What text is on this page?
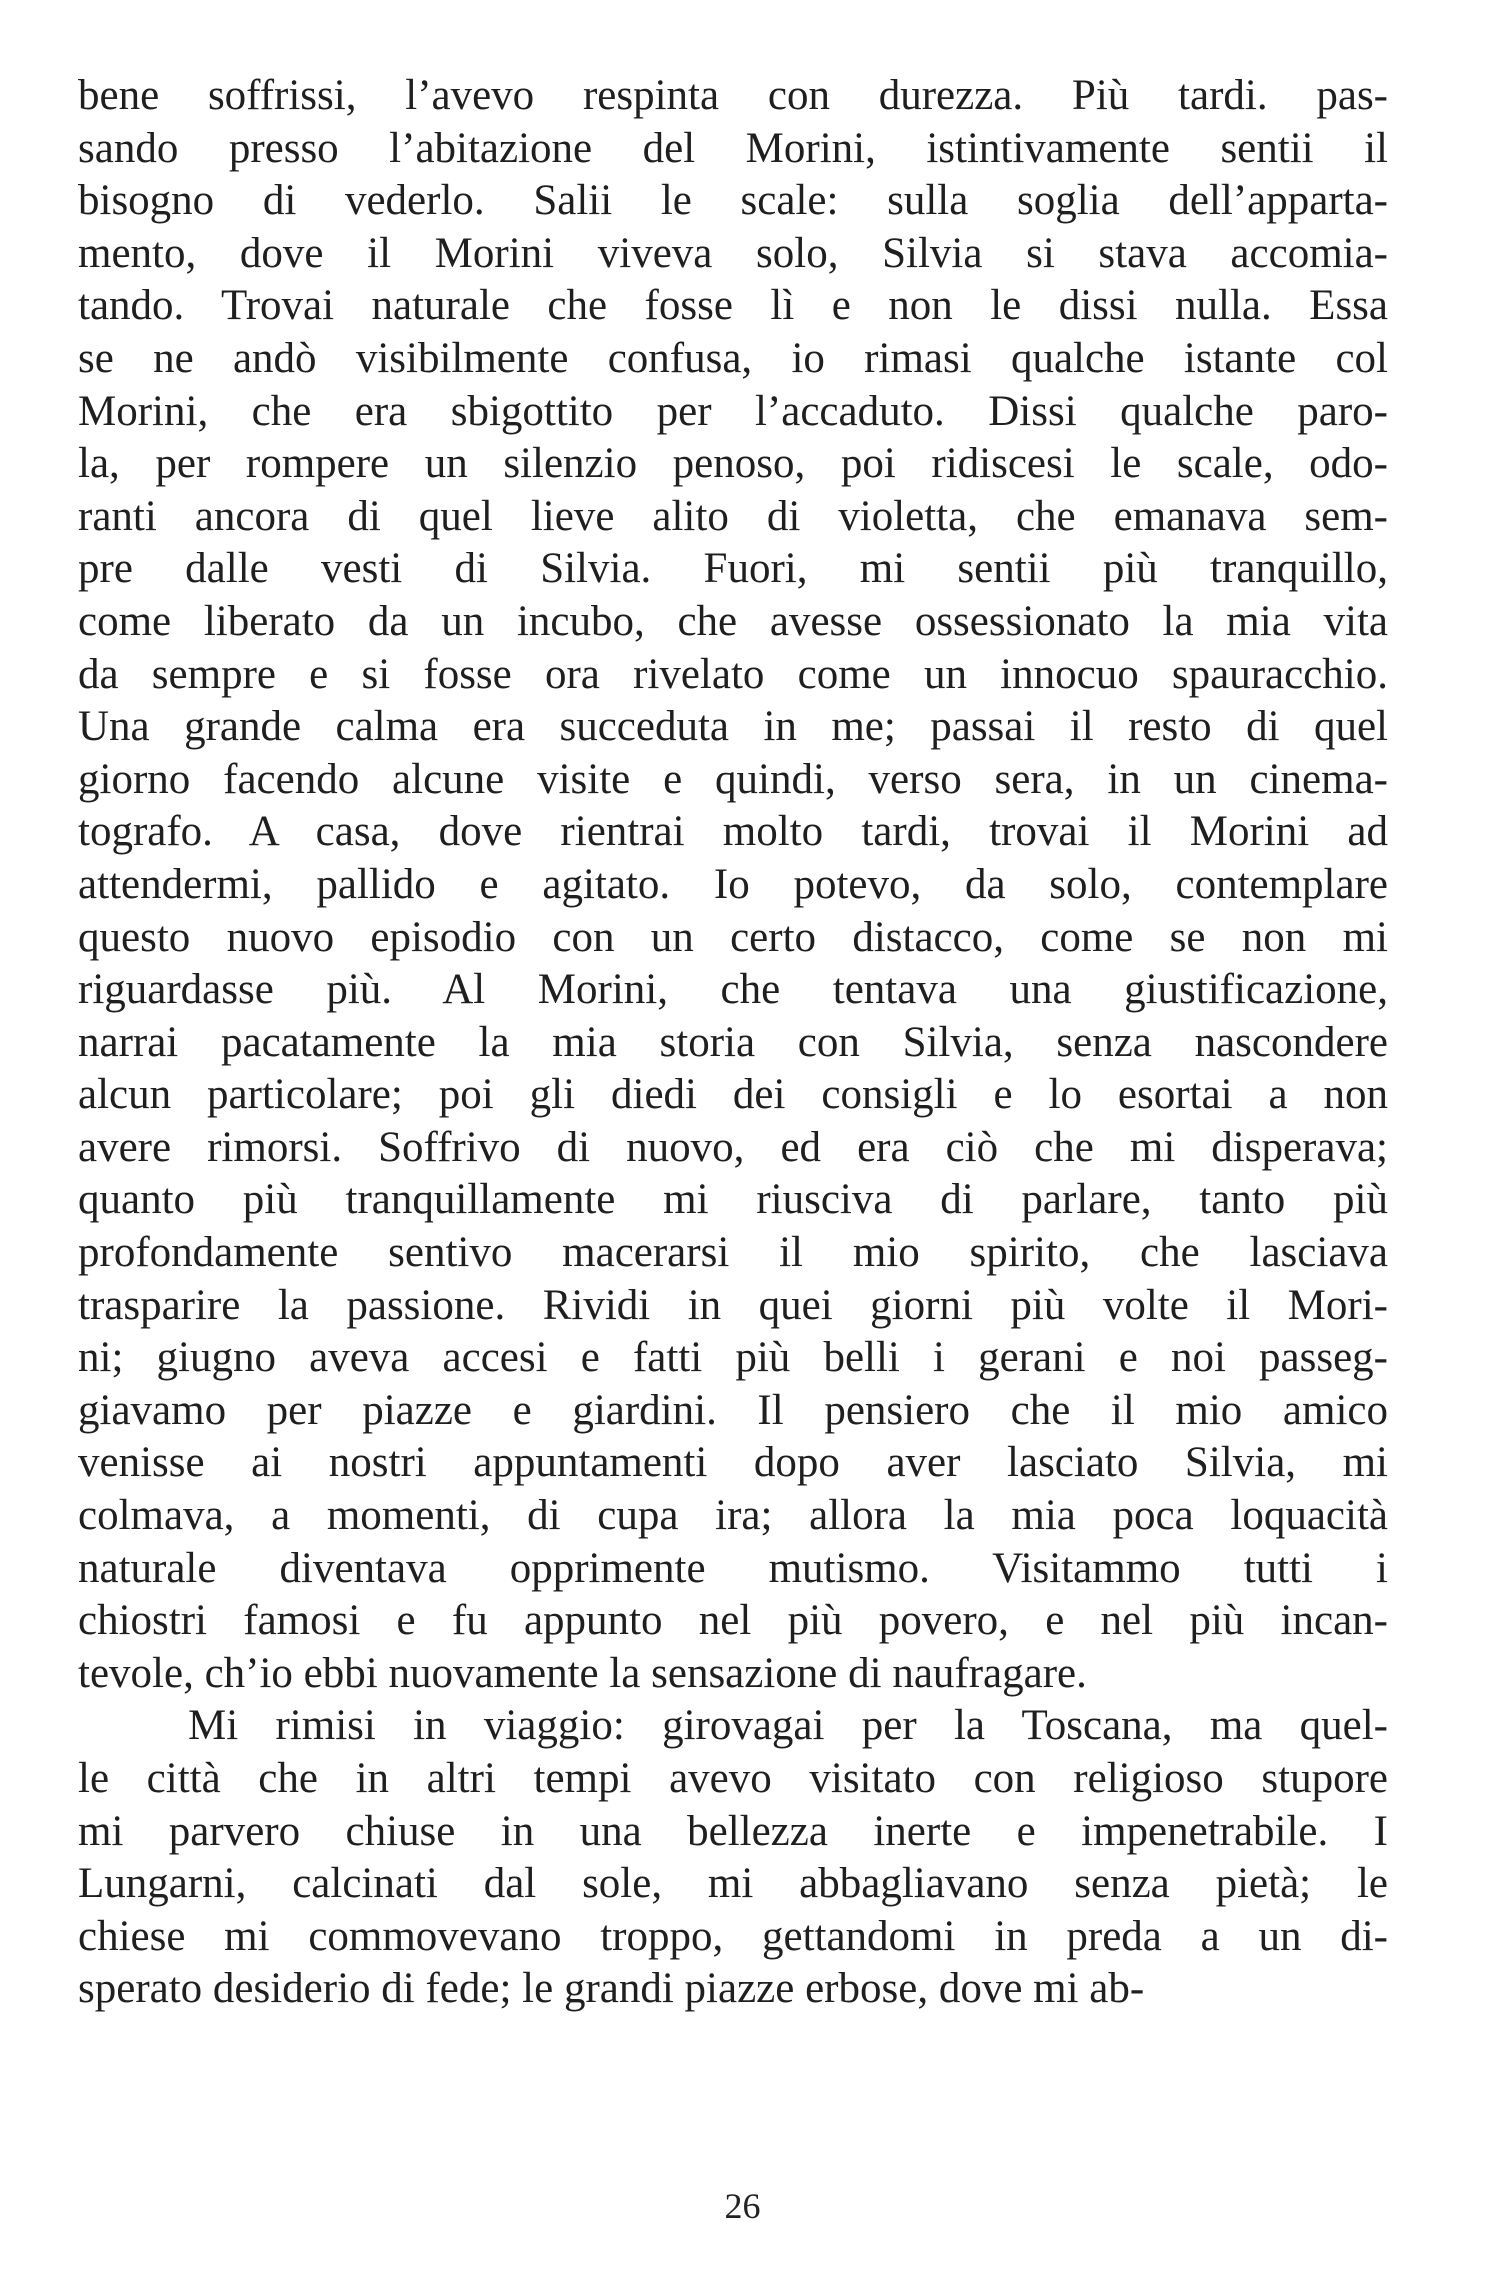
bene soffrissi, l’avevo respinta con durezza. Più tardi. pas-
sando presso l’abitazione del Morini, istintivamente sentii il
bisogno di vederlo. Salii le scale: sulla soglia dell’apparta-
mento, dove il Morini viveva solo, Silvia si stava accomia-
tando. Trovai naturale che fosse lì e non le dissi nulla. Essa
se ne andò visibilmente confusa, io rimasi qualche istante col
Morini, che era sbigottito per l’accaduto. Dissi qualche paro-
la, per rompere un silenzio penoso, poi ridiscesi le scale, odo-
ranti ancora di quel lieve alito di violetta, che emanava sem-
pre dalle vesti di Silvia. Fuori, mi sentii più tranquillo,
come liberato da un incubo, che avesse ossessionato la mia vita
da sempre e si fosse ora rivelato come un innocuo spauracchio.
Una grande calma era succeduta in me; passai il resto di quel
giorno facendo alcune visite e quindi, verso sera, in un cinema-
tografo. A casa, dove rientrai molto tardi, trovai il Morini ad
attendermi, pallido e agitato. Io potevo, da solo, contemplare
questo nuovo episodio con un certo distacco, come se non mi
riguardasse più. Al Morini, che tentava una giustificazione,
narrai pacatamente la mia storia con Silvia, senza nascondere
alcun particolare; poi gli diedi dei consigli e lo esortai a non
avere rimorsi. Soffrivo di nuovo, ed era ciò che mi disperava;
quanto più tranquillamente mi riusciva di parlare, tanto più
profondamente sentivo macerarsi il mio spirito, che lasciava
trasparire la passione. Rividi in quei giorni più volte il Mori-
ni; giugno aveva accesi e fatti più belli i gerani e noi passeg-
giavamo per piazze e giardini. Il pensiero che il mio amico
venisse ai nostri appuntamenti dopo aver lasciato Silvia, mi
colmava, a momenti, di cupa ira; allora la mia poca loquacità
naturale diventava opprimente mutismo. Visitammo tutti i
chiostri famosi e fu appunto nel più povero, e nel più incan-
tevole, ch’io ebbi nuovamente la sensazione di naufragare.
Mi rimisi in viaggio: girovagai per la Toscana, ma quel-
le città che in altri tempi avevo visitato con religioso stupore
mi parvero chiuse in una bellezza inerte e impenetrabile. I
Lungarni, calcinati dal sole, mi abbagliavano senza pietà; le
chiese mi commovevano troppo, gettandomi in preda a un di-
sperato desiderio di fede; le grandi piazze erbose, dove mi ab-
26
